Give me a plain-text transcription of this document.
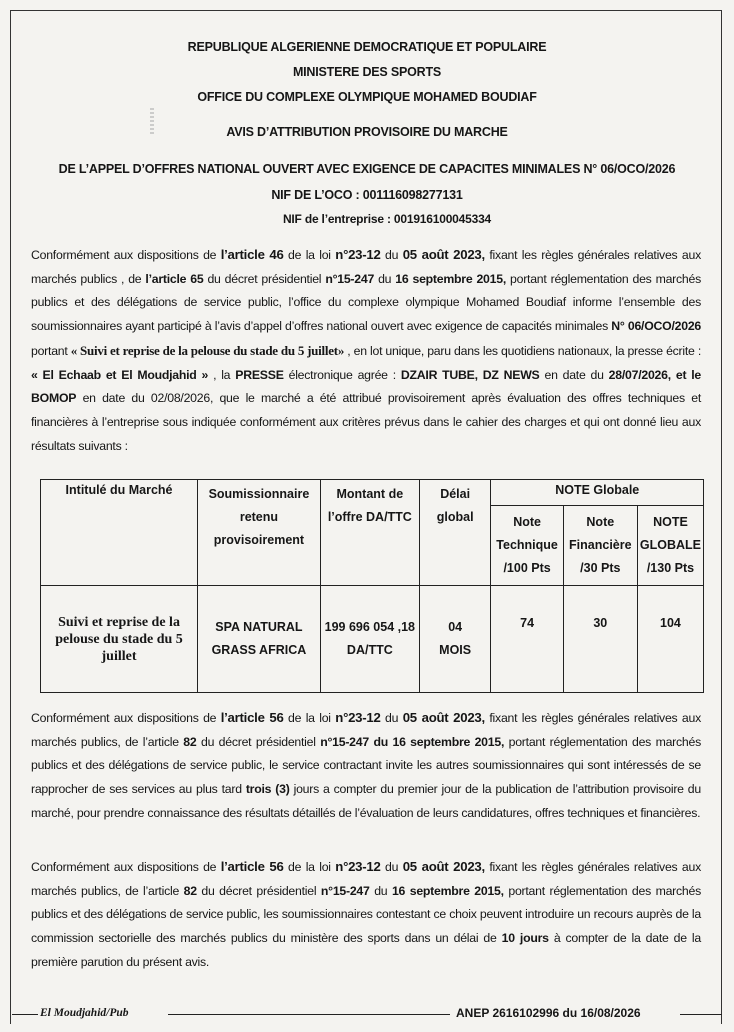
REPUBLIQUE ALGERIENNE DEMOCRATIQUE ET POPULAIRE
MINISTERE DES SPORTS
OFFICE DU COMPLEXE OLYMPIQUE MOHAMED BOUDIAF
AVIS D’ATTRIBUTION PROVISOIRE DU MARCHE
DE L’APPEL D’OFFRES NATIONAL OUVERT AVEC EXIGENCE DE CAPACITES MINIMALES N° 06/OCO/2026
NIF DE L’OCO : 001116098277131
NIF de l’entreprise : 001916100045334
Conformément aux dispositions de l’article 46 de la loi n°23-12 du 05 août 2023, fixant les règles générales relatives aux marchés publics , de l’article 65 du décret présidentiel n°15-247 du 16 septembre 2015, portant réglementation des marchés publics et des délégations de service public, l’office du complexe olympique Mohamed Boudiaf informe l’ensemble des soumissionnaires ayant participé à l’avis d’appel d’offres national ouvert avec exigence de capacités minimales N° 06/OCO/2026 portant « Suivi et reprise de la pelouse du stade du 5 juillet» , en lot unique, paru dans les quotidiens nationaux, la presse écrite : « El Echaab et El Moudjahid » , la PRESSE électronique agrée : DZAIR TUBE, DZ NEWS en date du 28/07/2026, et le BOMOP en date du 02/08/2026, que le marché a été attribué provisoirement après évaluation des offres techniques et financières à l’entreprise sous indiquée conformément aux critères prévus dans le cahier des charges et qui ont donné lieu aux résultats suivants :
Intitulé du Marché	Soumissionnaire retenu provisoirement	Montant de l’offre DA/TTC	Délai global	NOTE Globale		
				Note Technique /100 Pts	Note Financière /30 Pts	NOTE GLOBALE /130 Pts
Suivi et reprise de la pelouse du stade du 5 juillet	SPA NATURAL GRASS AFRICA	199 696 054 ,18 DA/TTC	04 MOIS	74	30	104
Conformément aux dispositions de l’article 56 de la loi n°23-12 du 05 août 2023, fixant les règles générales relatives aux marchés publics, de l’article 82 du décret présidentiel n°15-247 du 16 septembre 2015, portant réglementation des marchés publics et des délégations de service public, le service contractant invite les autres soumissionnaires qui sont intéressés de se rapprocher de ses services au plus tard trois (3) jours a compter du premier jour de la publication de l’attribution provisoire du marché, pour prendre connaissance des résultats détaillés de l’évaluation de leurs candidatures, offres techniques et financières.
Conformément aux dispositions de l’article 56 de la loi n°23-12 du 05 août 2023, fixant les règles générales relatives aux marchés publics, de l’article 82 du décret présidentiel n°15-247 du 16 septembre 2015, portant réglementation des marchés publics et des délégations de service public, les soumissionnaires contestant ce choix peuvent introduire un recours auprès de la commission sectorielle des marchés publics du ministère des sports dans un délai de 10 jours à compter de la date de la première parution du présent avis.
El Moudjahid/Pub	ANEP 2616102996 du 16/08/2026
